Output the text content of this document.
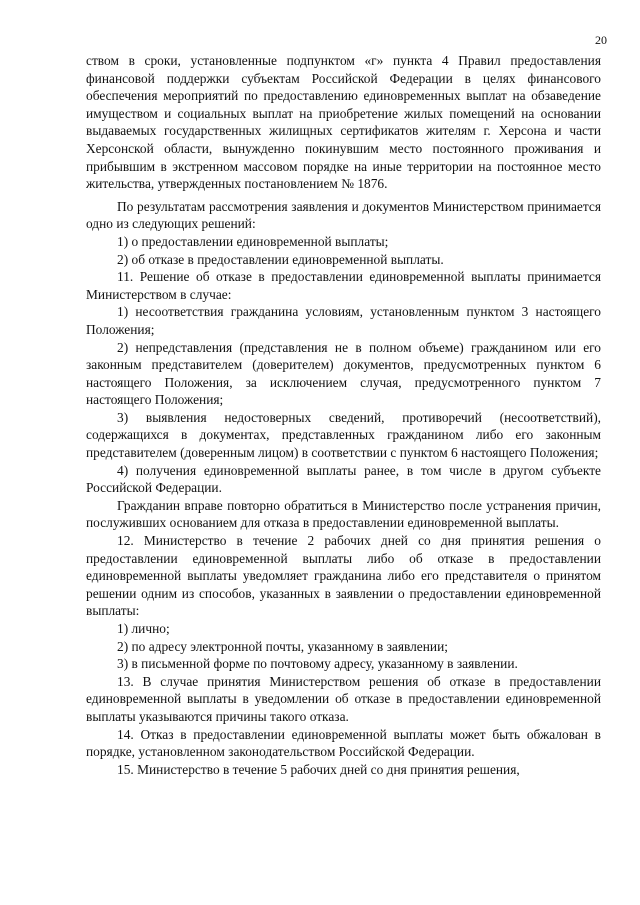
20

ством в сроки, установленные подпунктом «г» пункта 4 Правил предоставления финансовой поддержки субъектам Российской Федерации в целях финансового обеспечения мероприятий по предоставлению единовременных выплат на обзаведение имуществом и социальных выплат на приобретение жилых помещений на основании выдаваемых государственных жилищных сертификатов жителям г. Херсона и части Херсонской области, вынужденно покинувшим место постоянного проживания и прибывшим в экстренном массовом порядке на иные территории на постоянное место жительства, утвержденных постановлением № 1876.

По результатам рассмотрения заявления и документов Министерством принимается одно из следующих решений:

1) о предоставлении единовременной выплаты;

2) об отказе в предоставлении единовременной выплаты.

11. Решение об отказе в предоставлении единовременной выплаты принимается Министерством в случае:

1) несоответствия гражданина условиям, установленным пунктом 3 настоящего Положения;

2) непредставления (представления не в полном объеме) гражданином или его законным представителем (доверителем) документов, предусмотренных пунктом 6 настоящего Положения, за исключением случая, предусмотренного пунктом 7 настоящего Положения;

3) выявления недостоверных сведений, противоречий (несоответствий), содержащихся в документах, представленных гражданином либо его законным представителем (доверенным лицом) в соответствии с пунктом 6 настоящего Положения;

4) получения единовременной выплаты ранее, в том числе в другом субъекте Российской Федерации.

Гражданин вправе повторно обратиться в Министерство после устранения причин, послуживших основанием для отказа в предоставлении единовременной выплаты.

12. Министерство в течение 2 рабочих дней со дня принятия решения о предоставлении единовременной выплаты либо об отказе в предоставлении единовременной выплаты уведомляет гражданина либо его представителя о принятом решении одним из способов, указанных в заявлении о предоставлении единовременной выплаты:

1) лично;

2) по адресу электронной почты, указанному в заявлении;

3) в письменной форме по почтовому адресу, указанному в заявлении.

13. В случае принятия Министерством решения об отказе в предоставлении единовременной выплаты в уведомлении об отказе в предоставлении единовременной выплаты указываются причины такого отказа.

14. Отказ в предоставлении единовременной выплаты может быть обжалован в порядке, установленном законодательством Российской Федерации.

15. Министерство в течение 5 рабочих дней со дня принятия решения,
